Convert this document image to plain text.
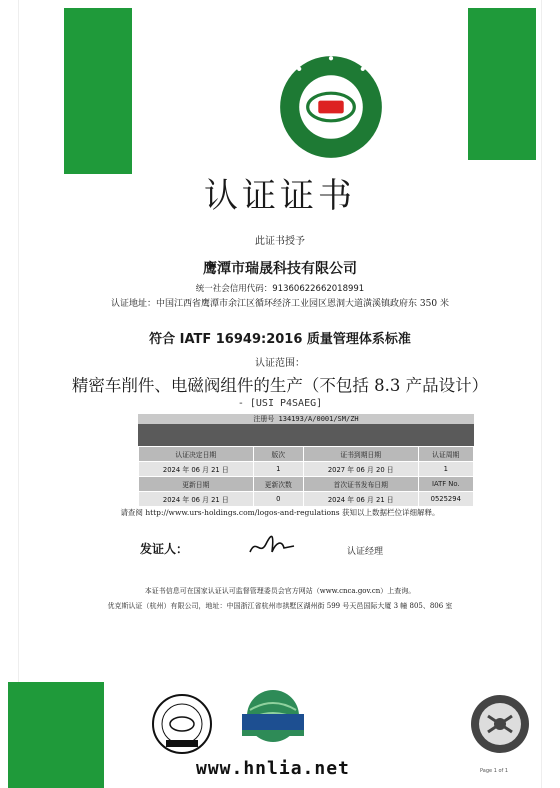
认证证书
此证书授予
鹰潭市瑞晟科技有限公司
统一社会信用代码：91360622662018991
认证地址：中国江西省鹰潭市余江区循环经济工业园区恩洞大道潢溪镇政府东 350 米
符合 IATF 16949:2016 质量管理体系标准
认证范围：
精密车削件、电磁阀组件的生产（不包括 8.3 产品设计）
- [USI P4SAEG]
注册号 134193/A/0001/SM/ZH
认证决定日期	版次	证书到期日期	认证周期
2024 年 06 月 21 日	1	2027 年 06 月 20 日	1
更新日期	更新次数	首次证书发布日期	IATF No.
2024 年 06 月 21 日	0	2024 年 06 月 21 日	0525294
请查阅 http://www.urs-holdings.com/logos-and-regulations 获知以上数据栏位详细解释。
发证人：	认证经理
本证书信息可在国家认证认可监督管理委员会官方网站（www.cnca.gov.cn）上查询。
优克斯认证（杭州）有限公司，地址：中国浙江省杭州市拱墅区湖州街 599 号天邑国际大厦 3 幢 805、806 室
www.hnlia.net	Page 1 of 1
